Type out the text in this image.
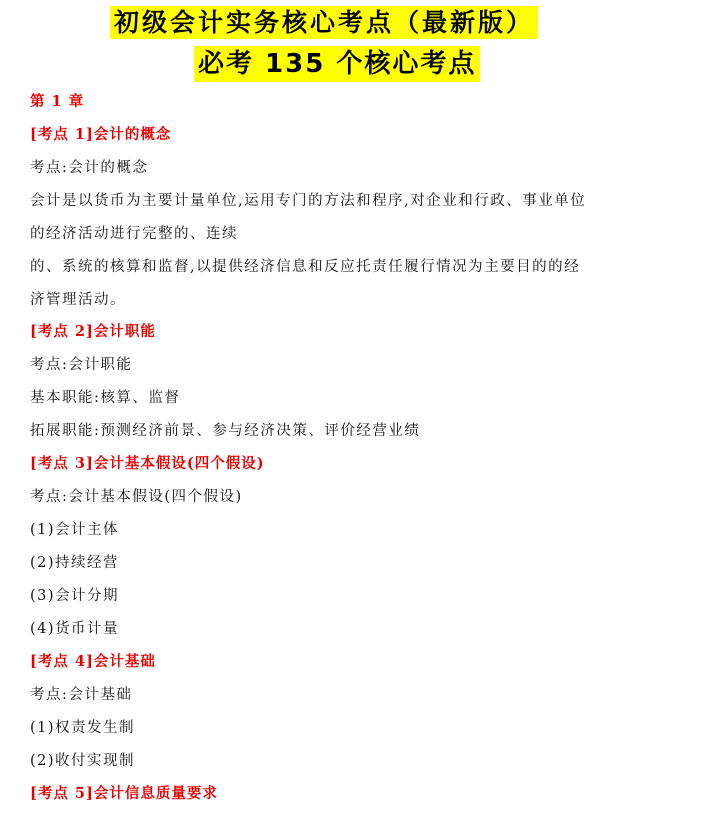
初级会计实务核心考点（最新版）
必考 135 个核心考点
第 1 章
[考点 1]会计的概念
考点:会计的概念
会计是以货币为主要计量单位,运用专门的方法和程序,对企业和行政、事业单位
的经济活动进行完整的、连续
的、系统的核算和监督,以提供经济信息和反应托责任履行情况为主要目的的经
济管理活动。
[考点 2]会计职能
考点:会计职能
基本职能:核算、监督
拓展职能:预测经济前景、参与经济决策、评价经营业绩
[考点 3]会计基本假设(四个假设)
考点:会计基本假设(四个假设)
(1)会计主体
(2)持续经营
(3)会计分期
(4)货币计量
[考点 4]会计基础
考点:会计基础
(1)权责发生制
(2)收付实现制
[考点 5]会计信息质量要求
